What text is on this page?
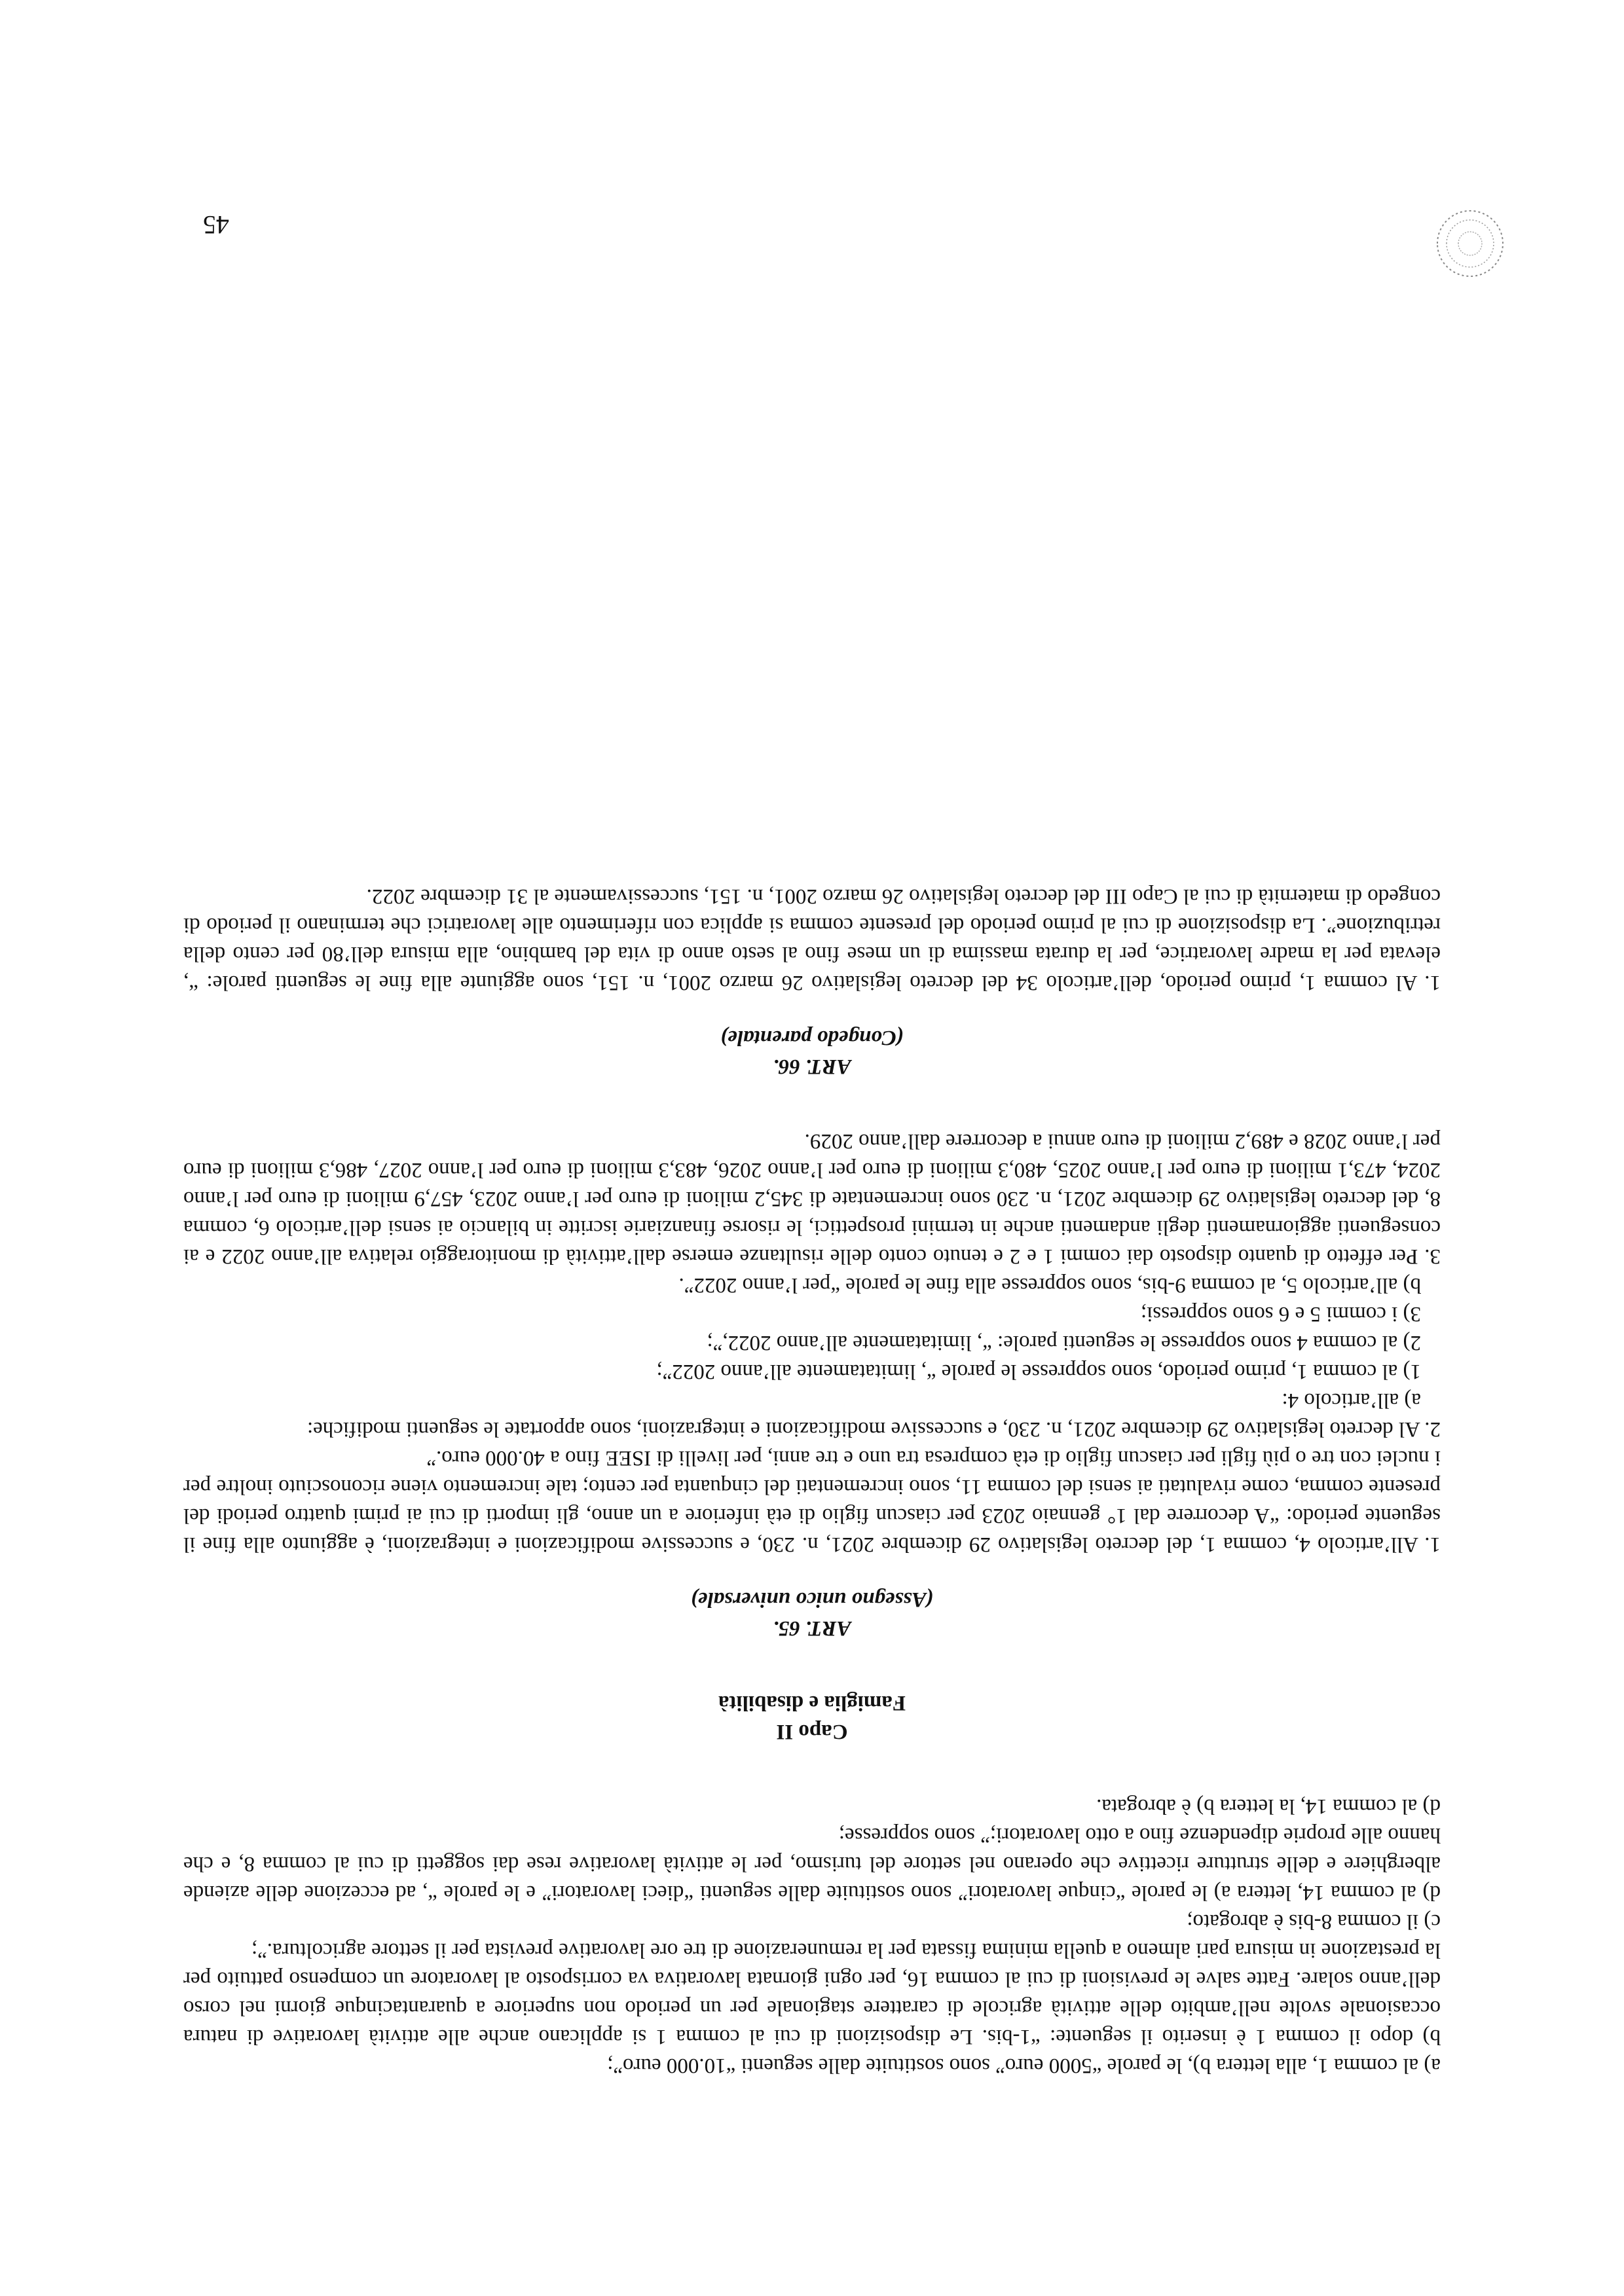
a) al comma 1, alla lettera b), le parole “5000 euro” sono sostituite dalle seguenti “10.000 euro”;

b) dopo il comma 1 è inserito il seguente: “1-bis. Le disposizioni di cui al comma 1 si applicano anche alle attività lavorative di natura occasionale svolte nell’ambito delle attività agricole di carattere stagionale per un periodo non superiore a quarantacinque giorni nel corso dell’anno solare. Fatte salve le previsioni di cui al comma 16, per ogni giornata lavorativa va corrisposto al lavoratore un compenso pattuito per la prestazione in misura pari almeno a quella minima fissata per la remunerazione di tre ore lavorative prevista per il settore agricoltura.”;

c) il comma 8-bis è abrogato;

d) al comma 14, lettera a) le parole “cinque lavoratori” sono sostituite dalle seguenti “dieci lavoratori” e le parole “, ad eccezione delle aziende alberghiere e delle strutture ricettive che operano nel settore del turismo, per le attività lavorative rese dai soggetti di cui al comma 8, e che hanno alle proprie dipendenze fino a otto lavoratori;” sono soppresse;

d) al comma 14, la lettera b) è abrogata.

Capo II

Famiglia e disabilità

ART. 65.

(Assegno unico universale)

1. All’articolo 4, comma 1, del decreto legislativo 29 dicembre 2021, n. 230, e successive modificazioni e integrazioni, è aggiunto alla fine il seguente periodo: “A decorrere dal 1° gennaio 2023 per ciascun figlio di età inferiore a un anno, gli importi di cui ai primi quattro periodi del presente comma, come rivalutati ai sensi del comma 11, sono incrementati del cinquanta per cento; tale incremento viene riconosciuto inoltre per i nuclei con tre o più figli per ciascun figlio di età compresa tra uno e tre anni, per livelli di ISEE fino a 40.000 euro.”

2. Al decreto legislativo 29 dicembre 2021, n. 230, e successive modificazioni e integrazioni, sono apportate le seguenti modifiche:

a) all’articolo 4:

1) al comma 1, primo periodo, sono soppresse le parole “, limitatamente all’anno 2022”;

2) al comma 4 sono soppresse le seguenti parole: “, limitatamente all’anno 2022,”;

3) i commi 5 e 6 sono soppressi;

b) all’articolo 5, al comma 9-bis, sono soppresse alla fine le parole “per l’anno 2022”.

3. Per effetto di quanto disposto dai commi 1 e 2 e tenuto conto delle risultanze emerse dall’attività di monitoraggio relativa all’anno 2022 e ai conseguenti aggiornamenti degli andamenti anche in termini prospettici, le risorse finanziarie iscritte in bilancio ai sensi dell’articolo 6, comma 8, del decreto legislativo 29 dicembre 2021, n. 230 sono incrementate di 345,2 milioni di euro per l’anno 2023, 457,9 milioni di euro per l’anno 2024, 473,1 milioni di euro per l’anno 2025, 480,3 milioni di euro per l’anno 2026, 483,3 milioni di euro per l’anno 2027, 486,3 milioni di euro per l’anno 2028 e 489,2 milioni di euro annui a decorrere dall’anno 2029.

ART. 66.

(Congedo parentale)

1. Al comma 1, primo periodo, dell’articolo 34 del decreto legislativo 26 marzo 2001, n. 151, sono aggiunte alla fine le seguenti parole: “, elevata per la madre lavoratrice, per la durata massima di un mese fino al sesto anno di vita del bambino, alla misura dell’80 per cento della retribuzione”. La disposizione di cui al primo periodo del presente comma si applica con riferimento alle lavoratrici che terminano il periodo di congedo di maternità di cui al Capo III del decreto legislativo 26 marzo 2001, n. 151, successivamente al 31 dicembre 2022.

45
